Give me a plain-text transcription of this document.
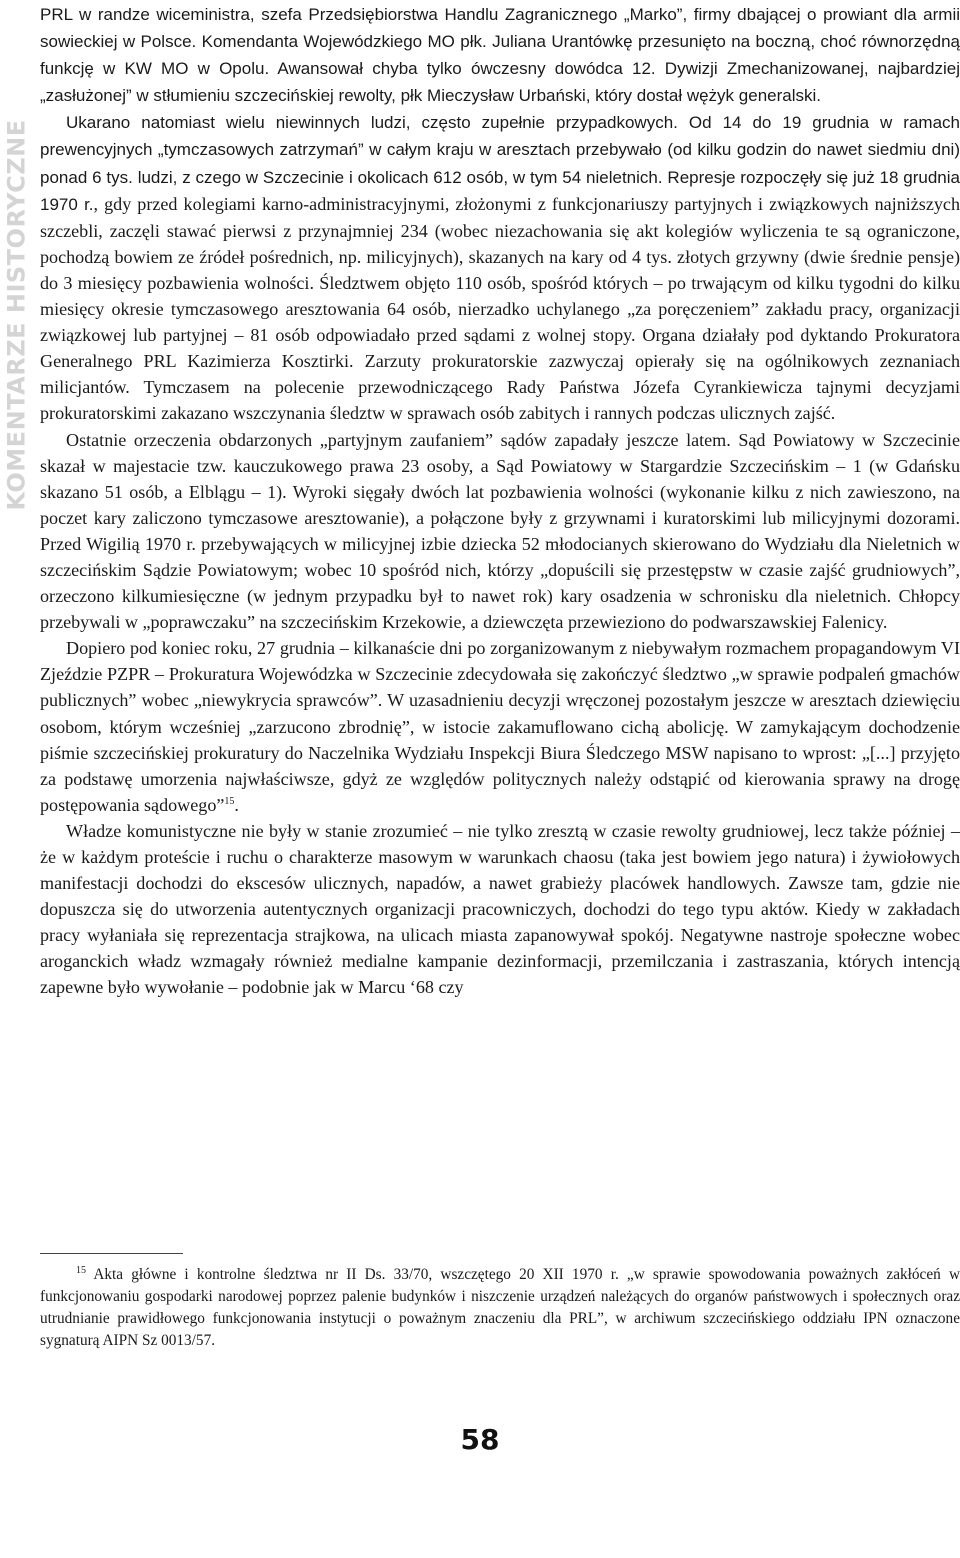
KOMENTARZE HISTORYCZNE

PRL w randze wiceministra, szefa Przedsiębiorstwa Handlu Zagranicznego „Marko”, firmy dbającej o prowiant dla armii sowieckiej w Polsce. Komendanta Wojewódzkiego MO płk. Juliana Urantówkę przesunięto na boczną, choć równorzędną funkcję w KW MO w Opolu. Awansował chyba tylko ówczesny dowódca 12. Dywizji Zmechanizowanej, najbardziej „zasłużonej” w stłumieniu szczecińskiej rewolty, płk Mieczysław Urbański, który dostał wężyk generalski.

Ukarano natomiast wielu niewinnych ludzi, często zupełnie przypadkowych. Od 14 do 19 grudnia w ramach prewencyjnych „tymczasowych zatrzymań” w całym kraju w aresztach przebywało (od kilku godzin do nawet siedmiu dni) ponad 6 tys. ludzi, z czego w Szczecinie i okolicach 612 osób, w tym 54 nieletnich. Represje rozpoczęły się już 18 grudnia 1970 r., gdy przed kolegiami karno-administracyjnymi, złożonymi z funkcjonariuszy partyjnych i związkowych najniższych szczebli, zaczęli stawać pierwsi z przynajmniej 234 (wobec niezachowania się akt kolegiów wyliczenia te są ograniczone, pochodzą bowiem ze źródeł pośrednich, np. milicyjnych), skazanych na kary od 4 tys. złotych grzywny (dwie średnie pensje) do 3 miesięcy pozbawienia wolności. Śledztwem objęto 110 osób, spośród których – po trwającym od kilku tygodni do kilku miesięcy okresie tymczasowego aresztowania 64 osób, nierzadko uchylanego „za poręczeniem” zakładu pracy, organizacji związkowej lub partyjnej – 81 osób odpowiadało przed sądami z wolnej stopy. Organa działały pod dyktando Prokuratora Generalnego PRL Kazimierza Kosztirki. Zarzuty prokuratorskie zazwyczaj opierały się na ogólnikowych zeznaniach milicjantów. Tymczasem na polecenie przewodniczącego Rady Państwa Józefa Cyrankiewicza tajnymi decyzjami prokuratorskimi zakazano wszczynania śledztw w sprawach osób zabitych i rannych podczas ulicznych zajść.

Ostatnie orzeczenia obdarzonych „partyjnym zaufaniem” sądów zapadały jeszcze latem. Sąd Powiatowy w Szczecinie skazał w majestacie tzw. kauczukowego prawa 23 osoby, a Sąd Powiatowy w Stargardzie Szczecińskim – 1 (w Gdańsku skazano 51 osób, a Elblągu – 1). Wyroki sięgały dwóch lat pozbawienia wolności (wykonanie kilku z nich zawieszono, na poczet kary zaliczono tymczasowe aresztowanie), a połączone były z grzywnami i kuratorskimi lub milicyjnymi dozorami. Przed Wigilią 1970 r. przebywających w milicyjnej izbie dziecka 52 młodocianych skierowano do Wydziału dla Nieletnich w szczecińskim Sądzie Powiatowym; wobec 10 spośród nich, którzy „dopuścili się przestępstw w czasie zajść grudniowych”, orzeczono kilkumiesięczne (w jednym przypadku był to nawet rok) kary osadzenia w schronisku dla nieletnich. Chłopcy przebywali w „poprawczaku” na szczecińskim Krzekowie, a dziewczęta przewieziono do podwarszawskiej Falenicy.

Dopiero pod koniec roku, 27 grudnia – kilkanaście dni po zorganizowanym z niebywałym rozmachem propagandowym VI Zjeździe PZPR – Prokuratura Wojewódzka w Szczecinie zdecydowała się zakończyć śledztwo „w sprawie podpaleń gmachów publicznych” wobec „niewykrycia sprawców”. W uzasadnieniu decyzji wręczonej pozostałym jeszcze w aresztach dziewięciu osobom, którym wcześniej „zarzucono zbrodnię”, w istocie zakamuflowano cichą abolicję. W zamykającym dochodzenie piśmie szczecińskiej prokuratury do Naczelnika Wydziału Inspekcji Biura Śledczego MSW napisano to wprost: „[...] przyjęto za podstawę umorzenia najwłaściwsze, gdyż ze względów politycznych należy odstąpić od kierowania sprawy na drogę postępowania sądowego”$^{15}$.

Władze komunistyczne nie były w stanie zrozumieć – nie tylko zresztą w czasie rewolty grudniowej, lecz także później – że w każdym proteście i ruchu o charakterze masowym w warunkach chaosu (taka jest bowiem jego natura) i żywiołowych manifestacji dochodzi do ekscesów ulicznych, napadów, a nawet grabieży placówek handlowych. Zawsze tam, gdzie nie dopuszcza się do utworzenia autentycznych organizacji pracowniczych, dochodzi do tego typu aktów. Kiedy w zakładach pracy wyłaniała się reprezentacja strajkowa, na ulicach miasta zapanowywał spokój. Negatywne nastroje społeczne wobec aroganckich władz wzmagały również medialne kampanie dezinformacji, przemilczania i zastraszania, których intencją zapewne było wywołanie – podobnie jak w Marcu ‘68 czy

$^{15}$ Akta główne i kontrolne śledztwa nr II Ds. 33/70, wszczętego 20 XII 1970 r. „w sprawie spowodowania poważnych zakłóceń w funkcjonowaniu gospodarki narodowej poprzez palenie budynków i niszczenie urządzeń należących do organów państwowych i społecznych oraz utrudnianie prawidłowego funkcjonowania instytucji o poważnym znaczeniu dla PRL”, w archiwum szczecińskiego oddziału IPN oznaczone sygnaturą AIPN Sz 0013/57.
58
